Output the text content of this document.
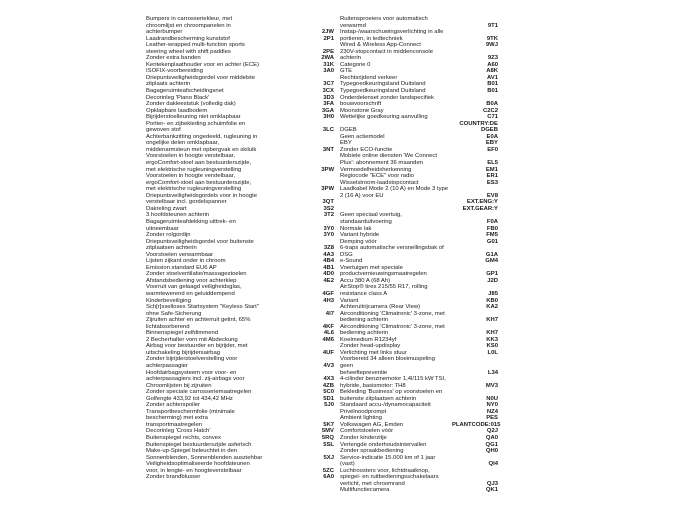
Bumpers in carrosseriekleur, met
chroomlijst en chroompanelen in
achterbumper	2JW
Laadrandbescherming kunststof	2P1
Leather-wrapped multi-function sports
steering wheel with shift paddles	2PE
Zonder extra banden	2WA
Kentekenplaathouder voor en achter (ECE)	31K
ISOFIX-voorbereiding	3A0
Driepuntsveiligheidsgordel voor middelste
zitplaats achterin	3C7
Bagageruimteafscheidingsnet	3CX
Decorinleg 'Piano Black'	3D3
Zonder dakleeststuk (volledig dak)	3FA
Opklapbare laadbodem	3GA
Bijrijderstoelleuning niet omklapbaar	3H0
Portier- en zijbekleding schuimfolie en
gewoven stof	3LC
Achterbankzitting ongedeeld, rugleuning in
ongelijke delen omklapbaar,
middenarmsteun met opbergvak en skiluik	3NT
Voorstoelen in hoogte verstelbaar,
ergoComfort-stoel aan bestuurderszijde,
met elektrische rugleuningverstelling	3PW
Voorstoelen in hoogte verstelbaar,
ergoComfort-stoel aan bestuurderszijde,
met elektrische rugleuningverstelling	3PW
Driepuntsveiligheidsgordels voor in hoogte
verstelbaar incl. gordelspanner	3QT
Dakreling zwart	3S2
3 hoofdsteunen achterin	3T2
Bagageruimteafdekking uittrek- en
uitneembaar	3Y0
Zonder rolgordijn	3Y0
Driepuntsveiligheidsgordel voor buitenste
zitplaatsen achterin	3Z8
Voorstoelen verwarmbaar	4A3
Lijsten zijkant onder in chroom	4B4
Emission standard EU6 AP	4B1
Zonder stoelventilatie/massagestoelen	4D0
Afstandsbediening voor achterklep	4E2
Voorruit van gelaagd veiligheidsglas,
warmtewerend en geluiddempend	4GF
Kinderbeveiliging	4H3
Sch[r]sselloses Startsystem "Keyless Start"
ohne Safe-Sicherung	4I7
Zijruiten achter en achterruit getint, 65%
lichtabsorberend	4KF
Binnenspiegel zelfdimmend	4L6
2 Becherhalter vorn mit Abdeckung	4M6
Airbag voor bestuurder en bijrijder, met
uitschakeling bijrijdersairbag	4UF
Zonder bijrijderstoelverstelling voor
achterpassagier	4V3
Hoofdairbagsysteem voor voor- en
achterpassagiers incl. zij-airbags voor	4X3
Chroomlijsten bij zijruiten	4ZB
Zonder speciale carrosseriemaatregelen	5C0
Golfengte 433,92 tot 434,42 MHz	5D1
Zonder achterspoiler	5J0
Transportbeschermfolie (minimale
bescherming) met extra
transportmaatregelen	5K7
Decorinleg 'Cross Hatch'	5MV
Buitenspiegel rechts, convex	5RQ
Buitenspiegel bestuurderszijde asferisch	5SL
Make-up-Spiegel beleuchtet in den
Sonnenblenden, Sonnenblenden ausziehbar	5XJ
Veiligheidsoptimaliseerde hoofdsteunen
voor, in lengte- en hoogteverstelbaar	5ZC
Zonder brandblusser	6A0
Ruitensproeiers voor automatisch
verwarmd	9T1
Instap-/waarschuwingsverlichting in alle
portieren, in ledtechniek	9TK
Wired & Wireless App-Connect	9WJ
230V-stopcontact in middenconsole
achterin	9Z3
Categorie 0	A60
GTE	A8K
Rechtsrijdend verkeer	AV1
Typegoedkeuringsland Duitsland	B01
Typegoedkeuringsland Duitsland	B01
Onderdelenset zonder landspecifiek
bouwvoorschrift	B0A
Moonstone Gray	C2C2
Wettelijke goedkeuring aanvulling	C71
COUNTRY:DE
DGEB	DGEB
Geen actiemodel	E0A
EBY	EBY
Zonder ECO-functie	EF0
Mobiele online diensten 'We Connect
Plus': abonnement 36 maanden	EL5
Vermoedelheidsherkenning	EM1
Regiocode "ECE" voor radio	ER1
Wisselstroom-laadstopcontact	ES3
Laadkabel Mode 2 (10 A) en Mode 3 type
2 (16 A) voor EU	EV8
EXT.ENG:Y
EXT.GEAR:Y
Geen speciaal voertuig,
standaarduitvoering	F0A
Normale lak	FB0
Variant hybride	FM5
Demping vóór	G01
6-traps automatische versnellingsbak of
DSG	G1A
e-Sound	GM4
Voertuigen met speciale
productvernieuwingsmaatregelen	GP1
Accu 380 A (68 Ah)	J2D
AirStop® tires 215/55 R17, rolling
resistance class A	J85
Variant	KB0
Achteruitrijcamera (Rear View)	KA2
Airconditioning 'Climatronic' 3-zone, met
bediening achterin	KH7
Airconditioning 'Climatronic' 3-zone, met
bediening achterin	KH7
Koelmedium R1234yf	KK3
Zonder head-updisplay	KS0
Verlichting met links stuur	L0L
Voorbereid 34 alleen bloeimuspeling geen
beheeftepreventie	L34
4-cilinder benzinemotor 1,4l/115 kW TSI,
hybride, basismotor: TH8	MV3
Bekleding 'Business' op voorstoelen en
buitenste zitplaatsen achterin	N0U
Standaard accu-/dynamocapaciteit	NY0
Privélnoodprompt	NZ4
Ambient lighting	PES
Volkswagen AG, Emden	PLANTCODE:015
Comfortstoelen vóór	Q2J
Zonder kinderzitje	QA0
Vertengde onderhoudsintervallen	QG1
Zonder spraakbediening	QH0
Service-indicatie 15.000 km of 1 jaar
(vast)	QI4
Luchtroosters voor, lichtdraaiknop,
spiegel- en ruitbedieningsschakelaars
verlicht, met chroomrand	QJ3
Multifunctiecamera	QK1
